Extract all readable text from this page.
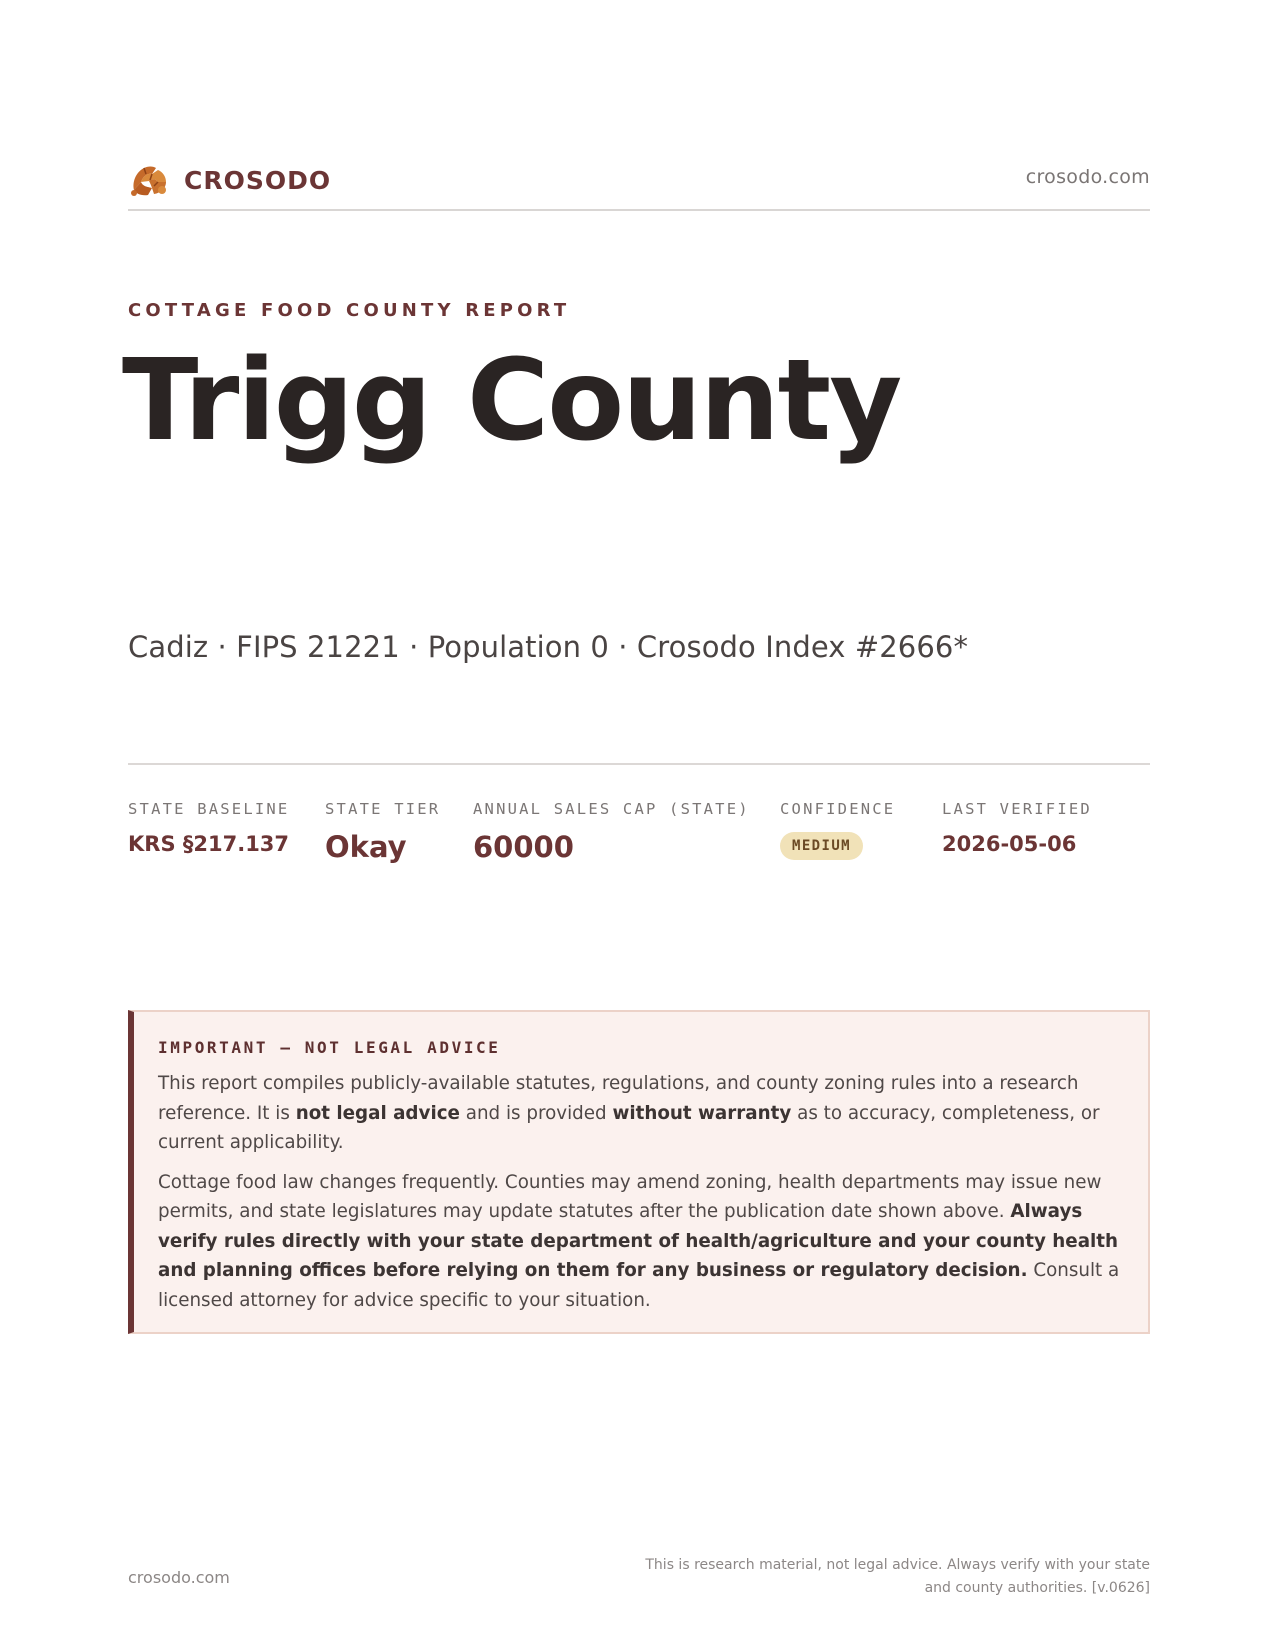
CROSODO	crosodo.com
COTTAGE FOOD COUNTY REPORT
Trigg County
Cadiz · FIPS 21221 · Population 0 · Crosodo Index #2666*
STATE BASELINE
KRS §217.137
STATE TIER
Okay
ANNUAL SALES CAP (STATE)
60000
CONFIDENCE
MEDIUM
LAST VERIFIED
2026-05-06
IMPORTANT — NOT LEGAL ADVICE

This report compiles publicly-available statutes, regulations, and county zoning rules into a research reference. It is not legal advice and is provided without warranty as to accuracy, completeness, or current applicability.

Cottage food law changes frequently. Counties may amend zoning, health departments may issue new permits, and state legislatures may update statutes after the publication date shown above. Always verify rules directly with your state department of health/agriculture and your county health and planning offices before relying on them for any business or regulatory decision. Consult a licensed attorney for advice specific to your situation.

crosodo.com
This is research material, not legal advice. Always verify with your state
and county authorities. [v.0626]
